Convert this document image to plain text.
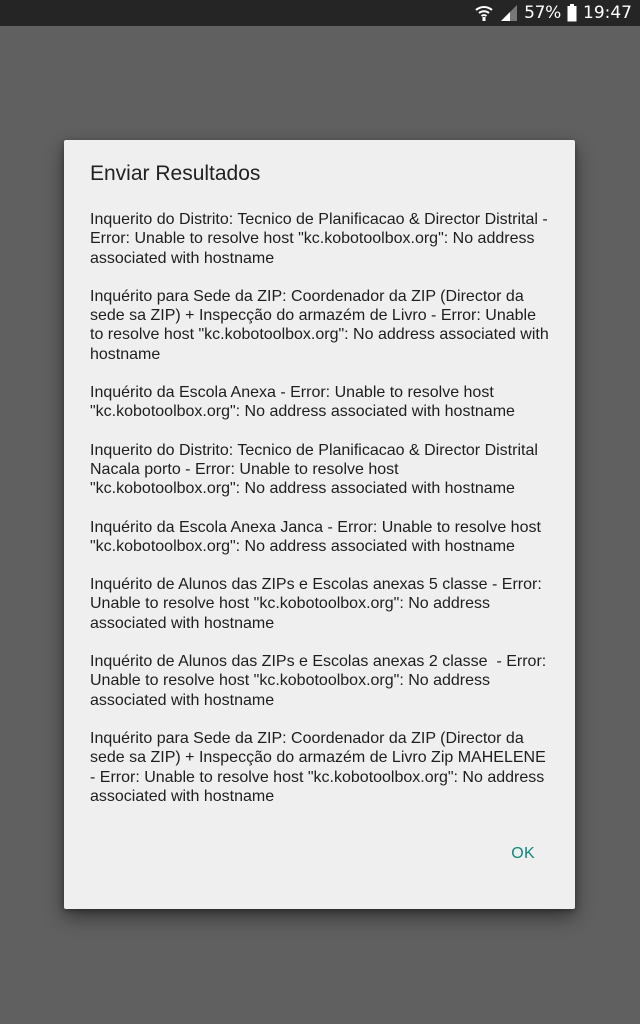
57% 19:47
Enviar Resultados

Inquerito do Distrito: Tecnico de Planificacao & Director Distrital - Error: Unable to resolve host "kc.kobotoolbox.org": No address associated with hostname

Inquérito para Sede da ZIP: Coordenador da ZIP (Director da sede sa ZIP) + Inspecção do armazém de Livro - Error: Unable to resolve host "kc.kobotoolbox.org": No address associated with hostname

Inquérito da Escola Anexa - Error: Unable to resolve host "kc.kobotoolbox.org": No address associated with hostname

Inquerito do Distrito: Tecnico de Planificacao & Director Distrital Nacala porto - Error: Unable to resolve host "kc.kobotoolbox.org": No address associated with hostname

Inquérito da Escola Anexa Janca - Error: Unable to resolve host "kc.kobotoolbox.org": No address associated with hostname

Inquérito de Alunos das ZIPs e Escolas anexas 5 classe - Error: Unable to resolve host "kc.kobotoolbox.org": No address associated with hostname

Inquérito de Alunos das ZIPs e Escolas anexas 2 classe  - Error: Unable to resolve host "kc.kobotoolbox.org": No address associated with hostname

Inquérito para Sede da ZIP: Coordenador da ZIP (Director da sede sa ZIP) + Inspecção do armazém de Livro Zip MAHELENE  - Error: Unable to resolve host "kc.kobotoolbox.org": No address associated with hostname

OK
